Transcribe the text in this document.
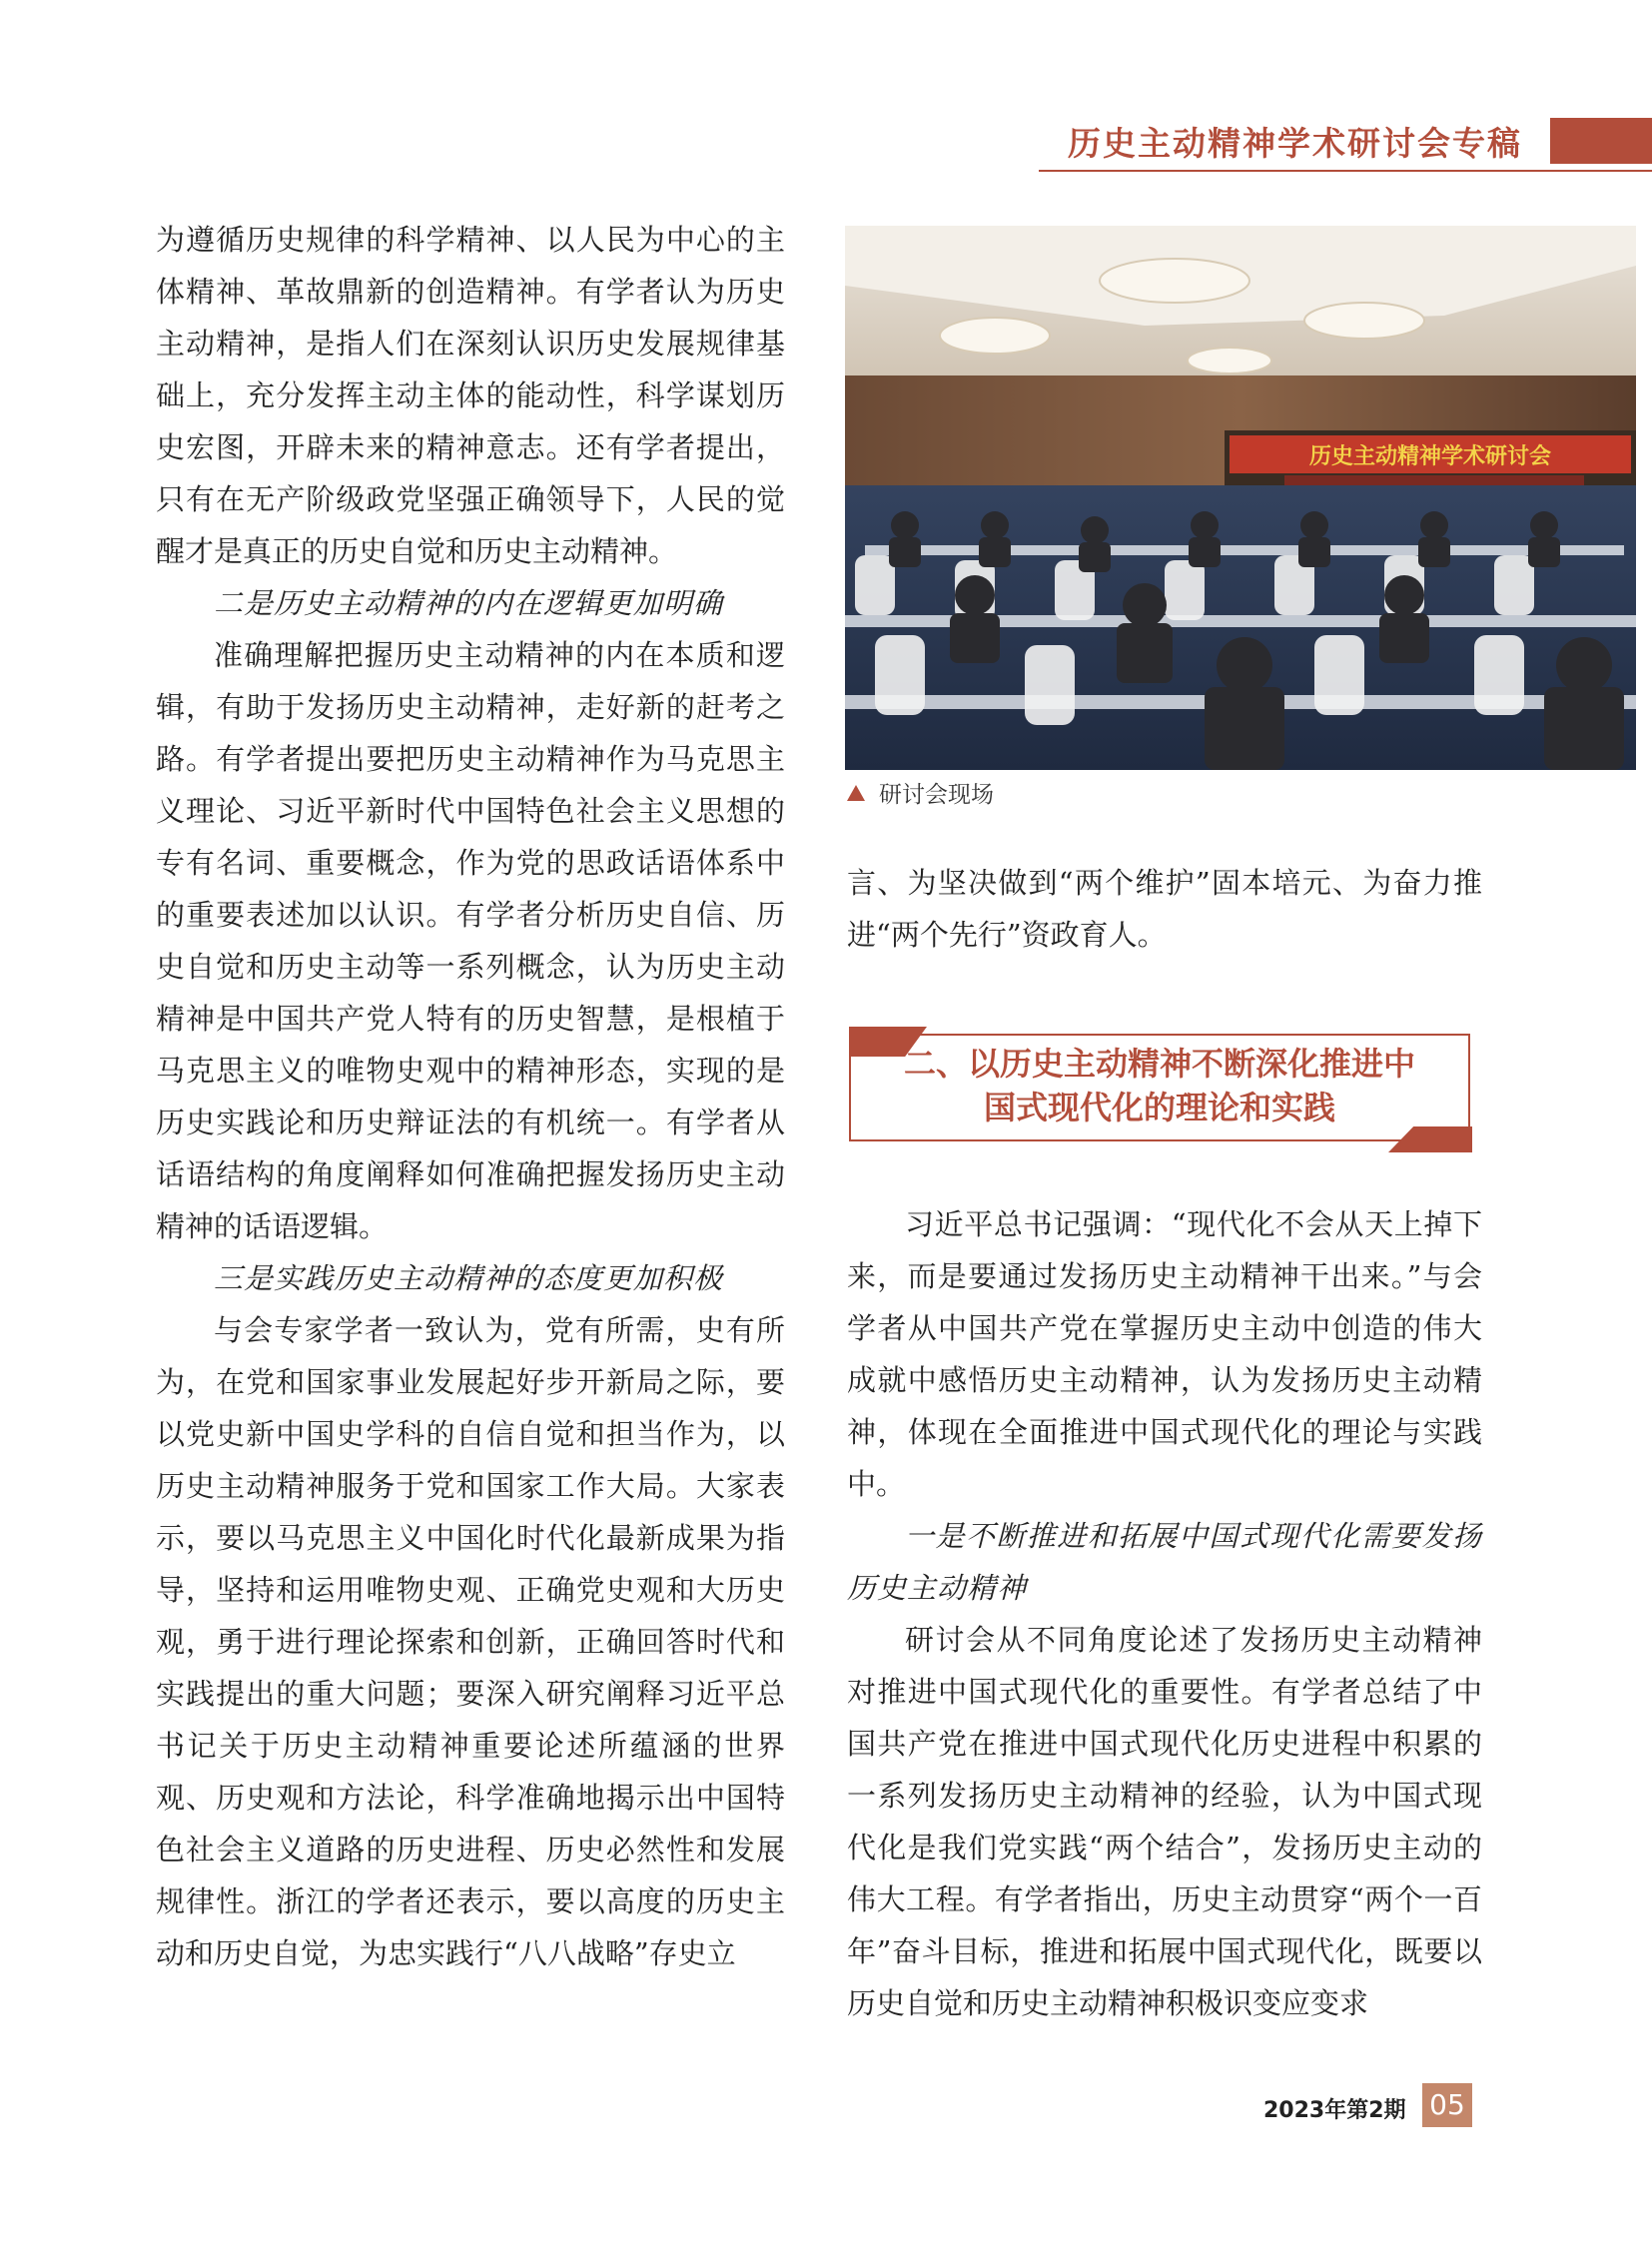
历史主动精神学术研讨会专稿

为遵循历史规律的科学精神、以人民为中心的主体精神、革故鼎新的创造精神。有学者认为历史主动精神，是指人们在深刻认识历史发展规律基础上，充分发挥主动主体的能动性，科学谋划历史宏图，开辟未来的精神意志。还有学者提出，只有在无产阶级政党坚强正确领导下，人民的觉醒才是真正的历史自觉和历史主动精神。

二是历史主动精神的内在逻辑更加明确

准确理解把握历史主动精神的内在本质和逻辑，有助于发扬历史主动精神，走好新的赶考之路。有学者提出要把历史主动精神作为马克思主义理论、习近平新时代中国特色社会主义思想的专有名词、重要概念，作为党的思政话语体系中的重要表述加以认识。有学者分析历史自信、历史自觉和历史主动等一系列概念，认为历史主动精神是中国共产党人特有的历史智慧，是根植于马克思主义的唯物史观中的精神形态，实现的是历史实践论和历史辩证法的有机统一。有学者从话语结构的角度阐释如何准确把握发扬历史主动精神的话语逻辑。

三是实践历史主动精神的态度更加积极

与会专家学者一致认为，党有所需，史有所为，在党和国家事业发展起好步开新局之际，要以党史新中国史学科的自信自觉和担当作为，以历史主动精神服务于党和国家工作大局。大家表示，要以马克思主义中国化时代化最新成果为指导，坚持和运用唯物史观、正确党史观和大历史观，勇于进行理论探索和创新，正确回答时代和实践提出的重大问题；要深入研究阐释习近平总书记关于历史主动精神重要论述所蕴涵的世界观、历史观和方法论，科学准确地揭示出中国特色社会主义道路的历史进程、历史必然性和发展规律性。浙江的学者还表示，要以高度的历史主动和历史自觉，为忠实践行“八八战略”存史立

历史主动精神学术研讨会
研讨会现场

言、为坚决做到“两个维护”固本培元、为奋力推进“两个先行”资政育人。

二、以历史主动精神不断深化推进中
国式现代化的理论和实践

习近平总书记强调：“现代化不会从天上掉下来，而是要通过发扬历史主动精神干出来。”与会学者从中国共产党在掌握历史主动中创造的伟大成就中感悟历史主动精神，认为发扬历史主动精神，体现在全面推进中国式现代化的理论与实践中。

一是不断推进和拓展中国式现代化需要发扬历史主动精神

研讨会从不同角度论述了发扬历史主动精神对推进中国式现代化的重要性。有学者总结了中国共产党在推进中国式现代化历史进程中积累的一系列发扬历史主动精神的经验，认为中国式现代化是我们党实践“两个结合”，发扬历史主动的伟大工程。有学者指出，历史主动贯穿“两个一百年”奋斗目标，推进和拓展中国式现代化，既要以历史自觉和历史主动精神积极识变应变求

2023年第2期 05
